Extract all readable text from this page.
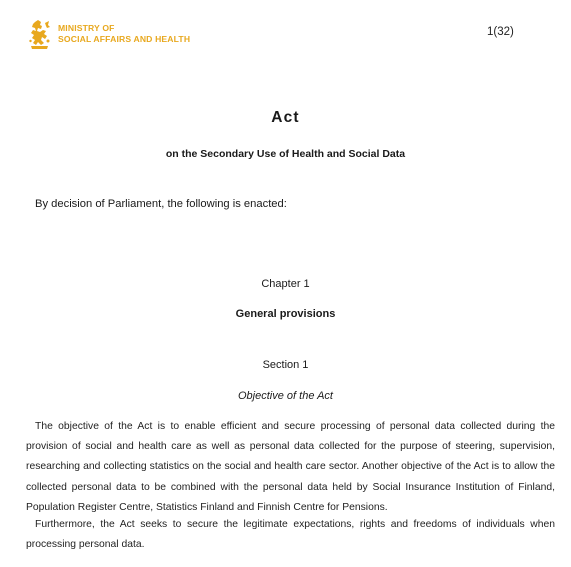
MINISTRY OF
SOCIAL AFFAIRS AND HEALTH
1(32)
Act
on the Secondary Use of Health and Social Data
By decision of Parliament, the following is enacted:
Chapter 1
General provisions
Section 1
Objective of the Act

The objective of the Act is to enable efficient and secure processing of personal data collected during the provision of social and health care as well as personal data collected for the purpose of steering, supervision, researching and collecting statistics on the social and health care sector. Another objective of the Act is to allow the collected personal data to be combined with the personal data held by Social Insurance Institution of Finland, Population Register Centre, Statistics Finland and Finnish Centre for Pensions.

Furthermore, the Act seeks to secure the legitimate expectations, rights and freedoms of individuals when processing personal data.
